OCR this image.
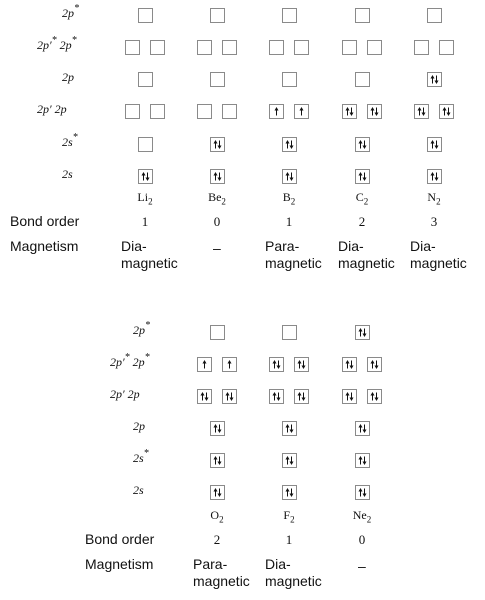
2p*
2p′* 2p*
2p
2p′ 2p
2s*
2s
$Li_2$
1
Dia-
magnetic
$Be_2$
0
–
$B_2$
1
Para-
magnetic
$C_2$
2
Dia-
magnetic
$N_2$
3
Dia-
magnetic
Bond order
Magnetism
2p*
2p′* 2p*
2p′ 2p
2p
2s*
2s
$O_2$
2
Para-
magnetic
$F_2$
1
Dia-
magnetic
$Ne_2$
0
–
Bond order
Magnetism
